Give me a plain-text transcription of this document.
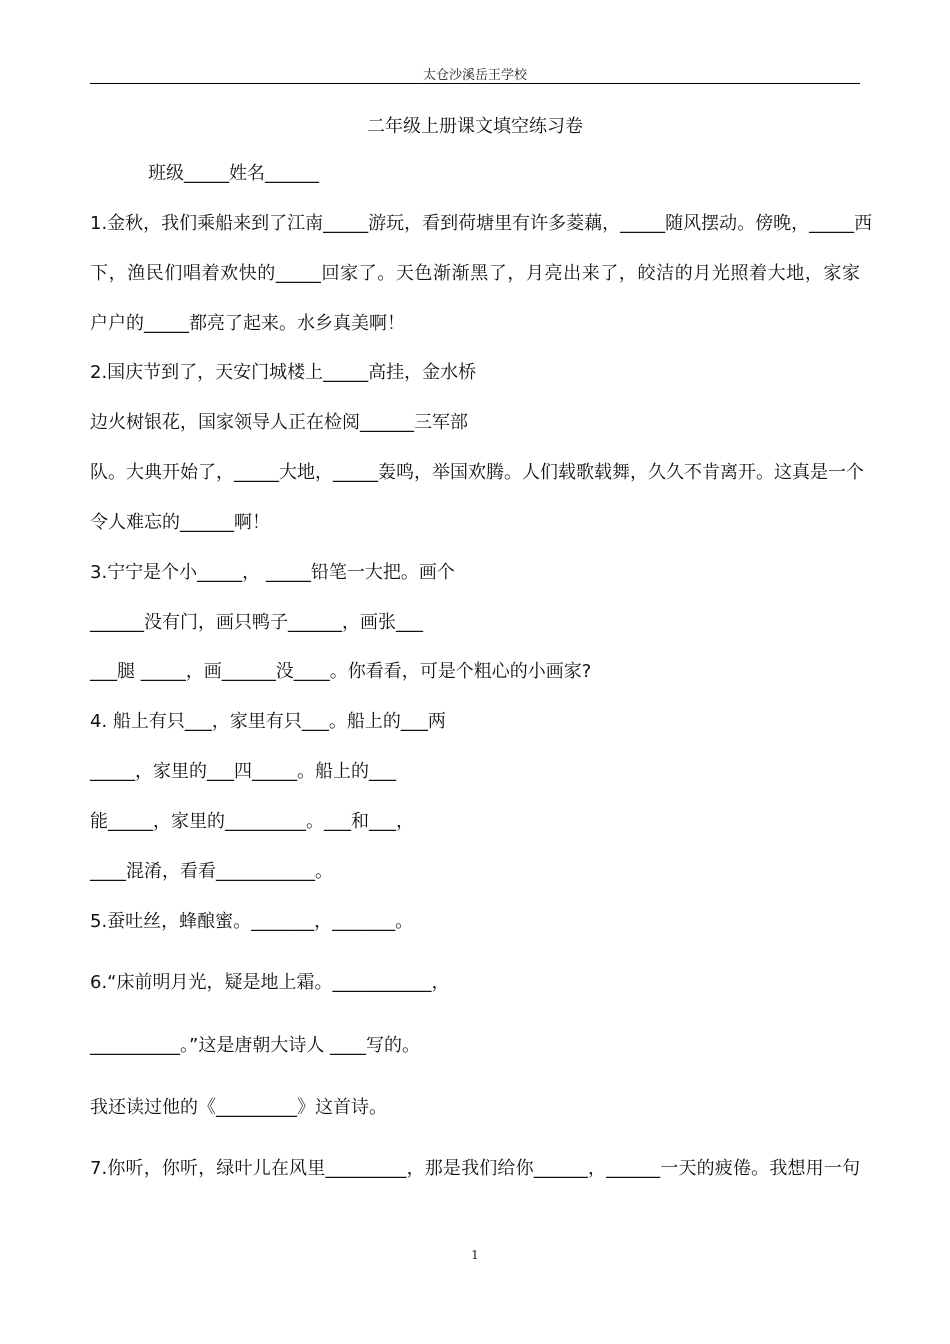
太仓沙溪岳王学校
二年级上册课文填空练习卷
班级_____姓名______
1.金秋，我们乘船来到了江南_____游玩，看到荷塘里有许多菱藕，_____随风摆动。傍晚，_____西
下，渔民们唱着欢快的_____回家了。天色渐渐黑了，月亮出来了，皎洁的月光照着大地，家家
户户的_____都亮了起来。水乡真美啊！
2.国庆节到了，天安门城楼上_____高挂，金水桥
边火树银花，国家领导人正在检阅______三军部
队。大典开始了，_____大地，_____轰鸣，举国欢腾。人们载歌载舞，久久不肯离开。这真是一个
令人难忘的______啊！
3.宁宁是个小_____， _____铅笔一大把。画个
______没有门，画只鸭子______，画张___
___腿 _____，画______没____。你看看，可是个粗心的小画家?
4. 船上有只___，家里有只___。船上的___两
_____，家里的___四_____。船上的___
能_____，家里的_________。___和___，
____混淆，看看___________。
5.蚕吐丝，蜂酿蜜。_______，_______。
6.“床前明月光，疑是地上霜。___________，
__________。”这是唐朝大诗人 ____写的。
我还读过他的《_________》这首诗。
7.你听，你听，绿叶儿在风里_________，那是我们给你______，______一天的疲倦。我想用一句
1
